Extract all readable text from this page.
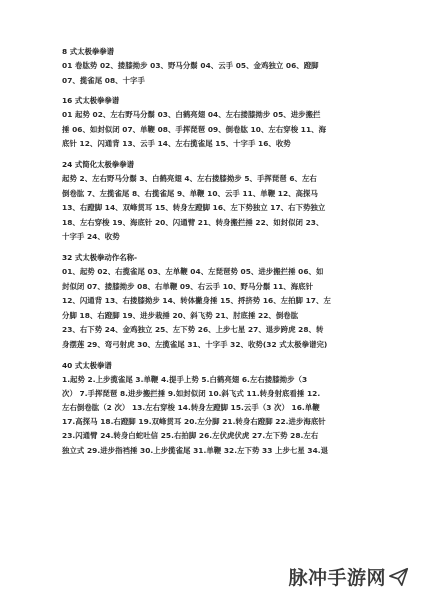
8 式太极拳拳谱
01 卷肱势 02、搂膝拗步 03、野马分鬃 04、云手 05、金鸡独立 06、蹬脚
07、揽雀尾 08、十字手
16 式太极拳拳谱
01 起势 02、左右野马分鬃 03、白鹤亮翅 04、左右搂膝拗步 05、进步搬拦
捶 06、如封似闭 07、单鞭 08、手挥琵琶 09、倒卷肱 10、左右穿梭 11、海
底针 12、闪通背 13、云手 14、左右揽雀尾 15、十字手 16、收势
24 式简化太极拳拳谱
起势 2、左右野马分鬃 3、白鹤亮翅 4、左右搂膝拗步 5、手挥琵琶 6、左右
倒卷肱 7、左揽雀尾 8、右揽雀尾 9、单鞭 10、云手 11、单鞭 12、高探马
13、右蹬脚 14、双峰贯耳 15、转身左蹬脚 16、左下势独立 17、右下势独立
18、左右穿梭 19、海底针 20、闪通臂 21、转身搬拦捶 22、如封似闭 23、
十字手 24、收势
32 式太极拳动作名称-
01、起势 02、右揽雀尾 03、左单鞭 04、左琵琶势 05、进步搬拦捶 06、如
封似闭 07、搂膝拗步 08、右单鞭 09、右云手 10、野马分鬃 11、海底针
12、闪通背 13、右搂膝拗步 14、转体撇身捶 15、捋挤势 16、左拍脚 17、左
分脚 18、右蹬脚 19、进步栽捶 20、斜飞势 21、肘底捶 22、倒卷肱
23、右下势 24、金鸡独立 25、左下势 26、上步七星 27、退步跨虎 28、转
身摆莲 29、弯弓射虎 30、左揽雀尾 31、十字手 32、收势(32 式太极拳谱完)
40 式太极拳谱
1.起势 2.上步揽雀尾 3.单鞭 4.提手上势 5.白鹤亮翅 6.左右搂膝拗步（3
次） 7.手挥琵琶 8.进步搬拦捶 9.如封似闭 10.斜飞式 11.转身射底看捶 12.
左右倒卷肱（2 次） 13.左右穿梭 14.转身左蹬脚 15.云手（3 次） 16.单鞭
17.高探马 18.右蹬脚 19.双峰贯耳 20.左分脚 21.转身右蹬脚 22.进步海底针
23.闪通臂 24.转身白蛇吐信 25.右拍脚 26.左伏虎伏虎 27.左下势 28.左右
独立式 29.进步指裆捶 30.上步揽雀尾 31.单鞭 32.左下势 33 上步七星 34.退
脉冲手游网
